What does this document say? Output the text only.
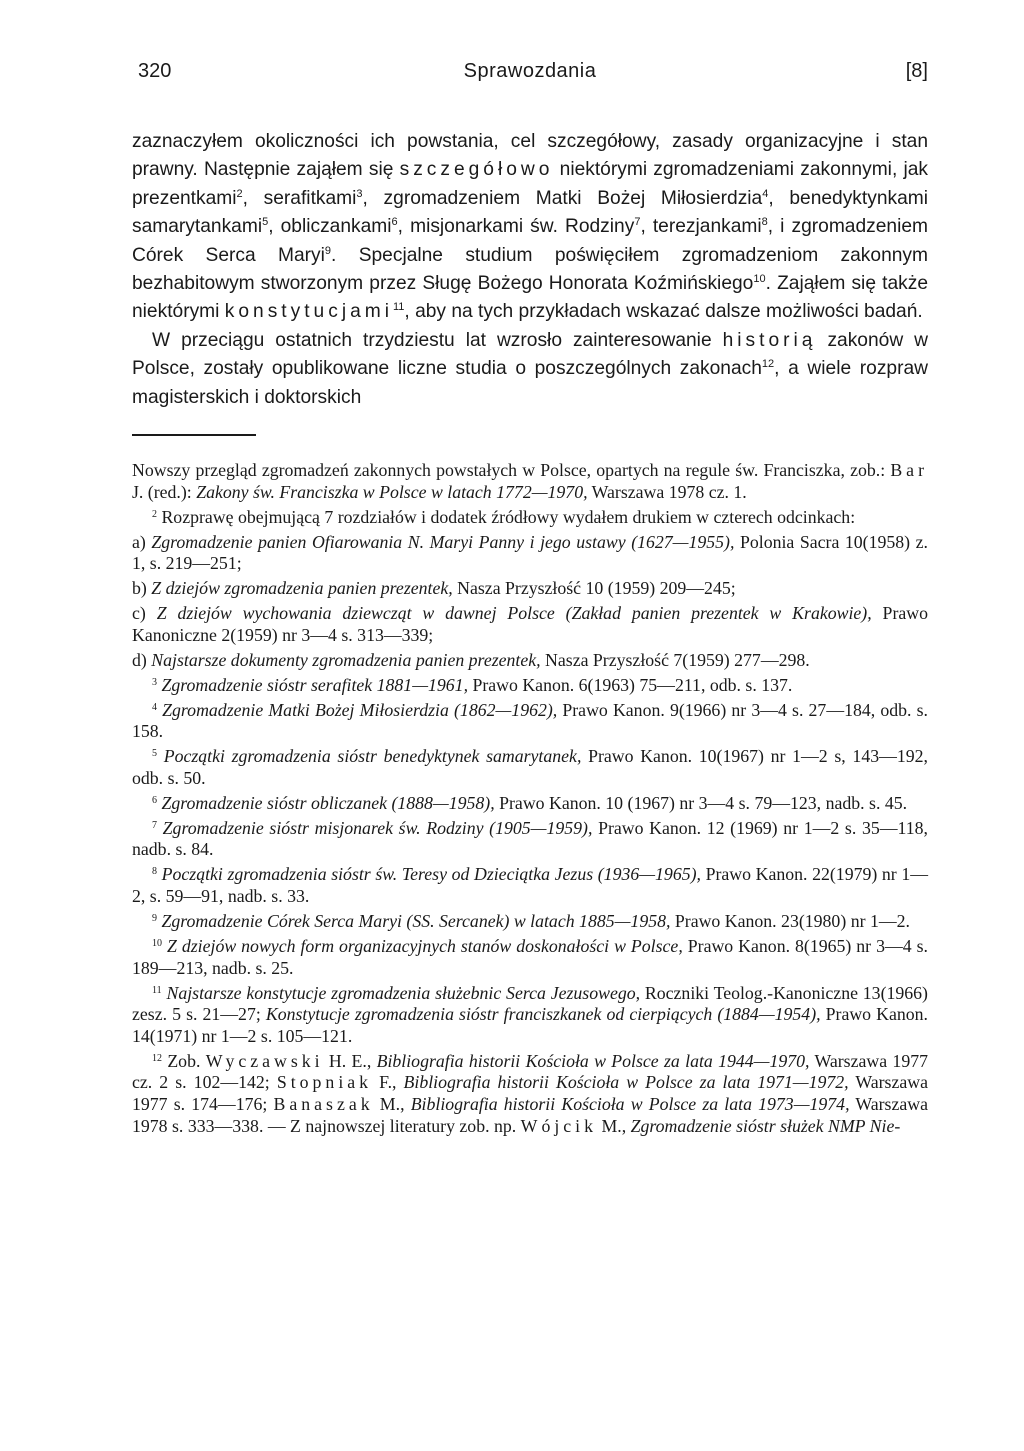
320	Sprawozdania	[8]

zaznaczyłem okoliczności ich powstania, cel szczegółowy, zasady organizacyjne i stan prawny. Następnie zająłem się szczegółowo niektórymi zgromadzeniami zakonnymi, jak prezentkami$^2$, serafitkami$^3$, zgromadzeniem Matki Bożej Miłosierdzia$^4$, benedyktynkami samarytankami$^5$, obliczankami$^6$, misjonarkami św. Rodziny$^7$, terezjankami$^8$, i zgromadzeniem Córek Serca Maryi$^9$. Specjalne studium poświęciłem zgromadzeniom zakonnym bezhabitowym stworzonym przez Sługę Bożego Honorata Koźmińskiego$^{10}$. Zająłem się także niektórymi konstytucjami$^{11}$, aby na tych przykładach wskazać dalsze możliwości badań.

W przeciągu ostatnich trzydziestu lat wzrosło zainteresowanie historią zakonów w Polsce, zostały opublikowane liczne studia o poszczególnych zakonach$^{12}$, a wiele rozpraw magisterskich i doktorskich

Nowszy przegląd zgromadzeń zakonnych powstałych w Polsce, opartych na regule św. Franciszka, zob.: Bar J. (red.): Zakony św. Franciszka w Polsce w latach 1772—1970, Warszawa 1978 cz. 1.

$^2$ Rozprawę obejmującą 7 rozdziałów i dodatek źródłowy wydałem drukiem w czterech odcinkach:

a) Zgromadzenie panien Ofiarowania N. Maryi Panny i jego ustawy (1627—1955), Polonia Sacra 10(1958) z. 1, s. 219—251;

b) Z dziejów zgromadzenia panien prezentek, Nasza Przyszłość 10 (1959) 209—245;

c) Z dziejów wychowania dziewcząt w dawnej Polsce (Zakład panien prezentek w Krakowie), Prawo Kanoniczne 2(1959) nr 3—4 s. 313—339;

d) Najstarsze dokumenty zgromadzenia panien prezentek, Nasza Przyszłość 7(1959) 277—298.

$^3$ Zgromadzenie sióstr serafitek 1881—1961, Prawo Kanon. 6(1963) 75—211, odb. s. 137.

$^4$ Zgromadzenie Matki Bożej Miłosierdzia (1862—1962), Prawo Kanon. 9(1966) nr 3—4 s. 27—184, odb. s. 158.

$^5$ Początki zgromadzenia sióstr benedyktynek samarytanek, Prawo Kanon. 10(1967) nr 1—2 s, 143—192, odb. s. 50.

$^6$ Zgromadzenie sióstr obliczanek (1888—1958), Prawo Kanon. 10 (1967) nr 3—4 s. 79—123, nadb. s. 45.

$^7$ Zgromadzenie sióstr misjonarek św. Rodziny (1905—1959), Prawo Kanon. 12 (1969) nr 1—2 s. 35—118, nadb. s. 84.

$^8$ Początki zgromadzenia sióstr św. Teresy od Dzieciątka Jezus (1936—1965), Prawo Kanon. 22(1979) nr 1—2, s. 59—91, nadb. s. 33.

$^9$ Zgromadzenie Córek Serca Maryi (SS. Sercanek) w latach 1885—1958, Prawo Kanon. 23(1980) nr 1—2.

$^{10}$ Z dziejów nowych form organizacyjnych stanów doskonałości w Polsce, Prawo Kanon. 8(1965) nr 3—4 s. 189—213, nadb. s. 25.

$^{11}$ Najstarsze konstytucje zgromadzenia służebnic Serca Jezusowego, Roczniki Teolog.-Kanoniczne 13(1966) zesz. 5 s. 21—27; Konstytucje zgromadzenia sióstr franciszkanek od cierpiących (1884—1954), Prawo Kanon. 14(1971) nr 1—2 s. 105—121.

$^{12}$ Zob. Wyczawski H. E., Bibliografia historii Kościoła w Polsce za lata 1944—1970, Warszawa 1977 cz. 2 s. 102—142; Stopniak F., Bibliografia historii Kościoła w Polsce za lata 1971—1972, Warszawa 1977 s. 174—176; Banaszak M., Bibliografia historii Kościoła w Polsce za lata 1973—1974, Warszawa 1978 s. 333—338. — Z najnowszej literatury zob. np. Wójcik M., Zgromadzenie sióstr służek NMP Nie-
